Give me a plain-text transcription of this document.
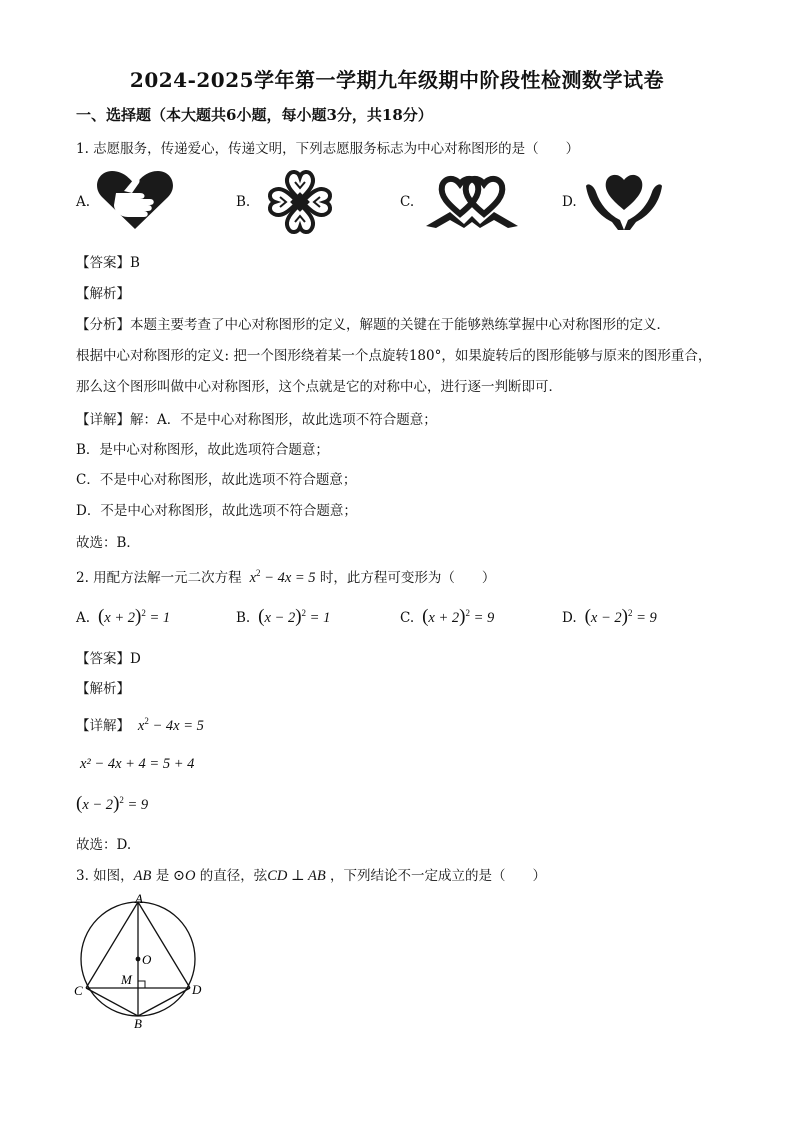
2024-2025学年第一学期九年级期中阶段性检测数学试卷
一、选择题（本大题共6小题，每小题3分，共18分）
1. 志愿服务，传递爱心，传递文明，下列志愿服务标志为中心对称图形的是（　　）
A.	B.	C.	D.
【答案】B
【解析】
【分析】本题主要考查了中心对称图形的定义，解题的关键在于能够熟练掌握中心对称图形的定义．
根据中心对称图形的定义: 把一个图形绕着某一个点旋转180°，如果旋转后的图形能够与原来的图形重合，
那么这个图形叫做中心对称图形，这个点就是它的对称中心，进行逐一判断即可．
【详解】解：A．不是中心对称图形，故此选项不符合题意；
B．是中心对称图形，故此选项符合题意；
C．不是中心对称图形，故此选项不符合题意；
D．不是中心对称图形，故此选项不符合题意；
故选：B．
2. 用配方法解一元二次方程  $x^2 - 4x = 5$ 时，此方程可变形为（　　）
A. $(x + 2)^2 = 1$	B. $(x - 2)^2 = 1$	C. $(x + 2)^2 = 9$	D. $(x - 2)^2 = 9$
【答案】D
【解析】
【详解】  $x^2 - 4x = 5$
x² − 4x + 4 = 5 + 4
$(x - 2)^2 = 9$
故选：D.
3. 如图，AB 是 ⊙O 的直径，弦CD ⊥ AB ，下列结论不一定成立的是（　　）
A
O
M
C	D
B
